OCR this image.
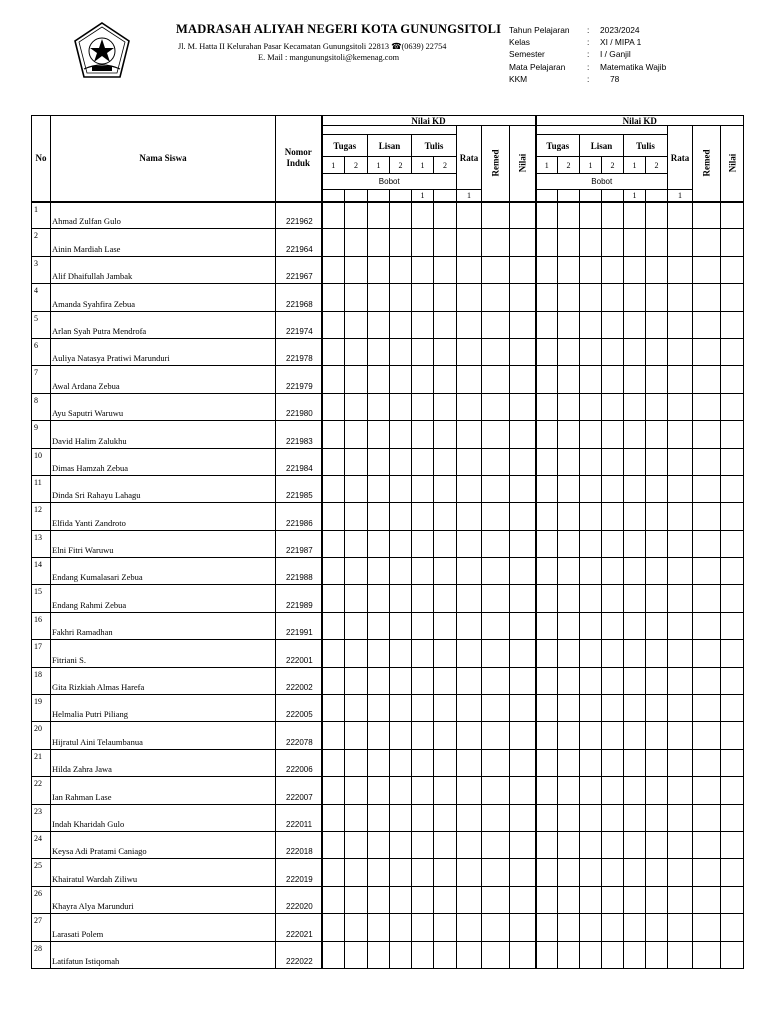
MADRASAH ALIYAH NEGERI KOTA GUNUNGSITOLI
Jl. M. Hatta II Kelurahan Pasar Kecamatan Gunungsitoli 22813 ☎(0639) 22754
E. Mail : mangunungsitoli@kemenag.com
Tahun Pelajaran : 2023/2024
Kelas	: XI / MIPA 1
Semester	: I / Ganjil
Mata Pelajaran	: Matematika Wajib
KKM	: 78
No	Nama Siswa	Nomor Induk	Nilai KD									Nilai KD								
									Rata	Remed	Nilai							Rata	Remed	Nilai
			Tugas		Lisan		Tulis					Tugas		Lisan		Tulis				
			1	2	1	2	1	2				1	2	1	2	1	2			
			Bobot									Bobot								
							1		1							1		1		
1	Ahmad Zulfan Gulo	221962																		
2	Ainin Mardiah Lase	221964																		
3	Alif Dhaifullah Jambak	221967																		
4	Amanda Syahfira Zebua	221968																		
5	Arlan Syah Putra Mendrofa	221974																		
6	Auliya Natasya Pratiwi Marunduri	221978																		
7	Awal Ardana Zebua	221979																		
8	Ayu Saputri Waruwu	221980																		
9	David Halim Zalukhu	221983																		
10	Dimas Hamzah Zebua	221984																		
11	Dinda Sri Rahayu Lahagu	221985																		
12	Elfida Yanti Zandroto	221986																		
13	Elni Fitri Waruwu	221987																		
14	Endang Kumalasari Zebua	221988																		
15	Endang Rahmi Zebua	221989																		
16	Fakhri Ramadhan	221991																		
17	Fitriani S.	222001																		
18	Gita Rizkiah Almas Harefa	222002																		
19	Helmalia Putri Piliang	222005																		
20	Hijratul Aini Telaumbanua	222078																		
21	Hilda Zahra Jawa	222006																		
22	Ian Rahman Lase	222007																		
23	Indah Kharidah Gulo	222011																		
24	Keysa Adi Pratami Caniago	222018																		
25	Khairatul Wardah Ziliwu	222019																		
26	Khayra Alya Marunduri	222020																		
27	Larasati Polem	222021																		
28	Latifatun Istiqomah	222022																		
